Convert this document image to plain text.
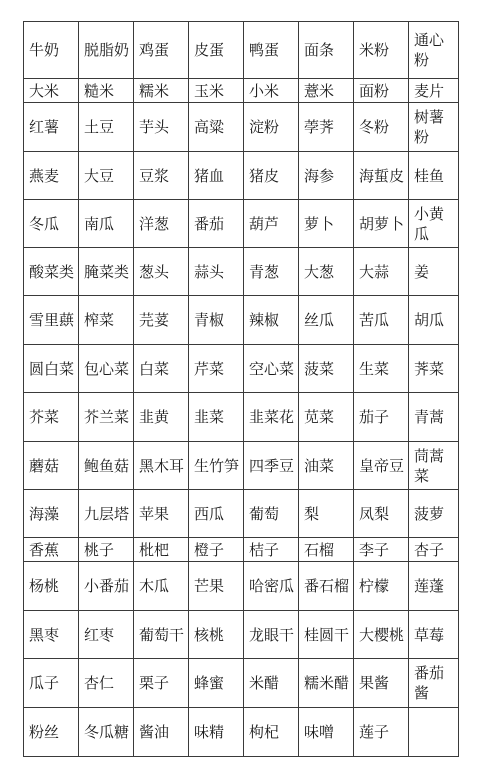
牛奶	脱脂奶	鸡蛋	皮蛋	鸭蛋	面条	米粉	通心粉
大米	糙米	糯米	玉米	小米	薏米	面粉	麦片
红薯	土豆	芋头	高粱	淀粉	荸荠	冬粉	树薯粉
燕麦	大豆	豆浆	猪血	猪皮	海参	海蜇皮	桂鱼
冬瓜	南瓜	洋葱	番茄	葫芦	萝卜	胡萝卜	小黄瓜
酸菜类	腌菜类	葱头	蒜头	青葱	大葱	大蒜	姜
雪里蕻	榨菜	芫荽	青椒	辣椒	丝瓜	苦瓜	胡瓜
圆白菜	包心菜	白菜	芹菜	空心菜	菠菜	生菜	荠菜
芥菜	芥兰菜	韭黄	韭菜	韭菜花	苋菜	茄子	青蒿
蘑菇	鲍鱼菇	黑木耳	生竹笋	四季豆	油菜	皇帝豆	茼蒿菜
海藻	九层塔	苹果	西瓜	葡萄	梨	凤梨	菠萝
香蕉	桃子	枇杷	橙子	桔子	石榴	李子	杏子
杨桃	小番茄	木瓜	芒果	哈密瓜	番石榴	柠檬	莲蓬
黑枣	红枣	葡萄干	核桃	龙眼干	桂圆干	大樱桃	草莓
瓜子	杏仁	栗子	蜂蜜	米醋	糯米醋	果酱	番茄酱
粉丝	冬瓜糖	酱油	味精	枸杞	味噌	莲子	
